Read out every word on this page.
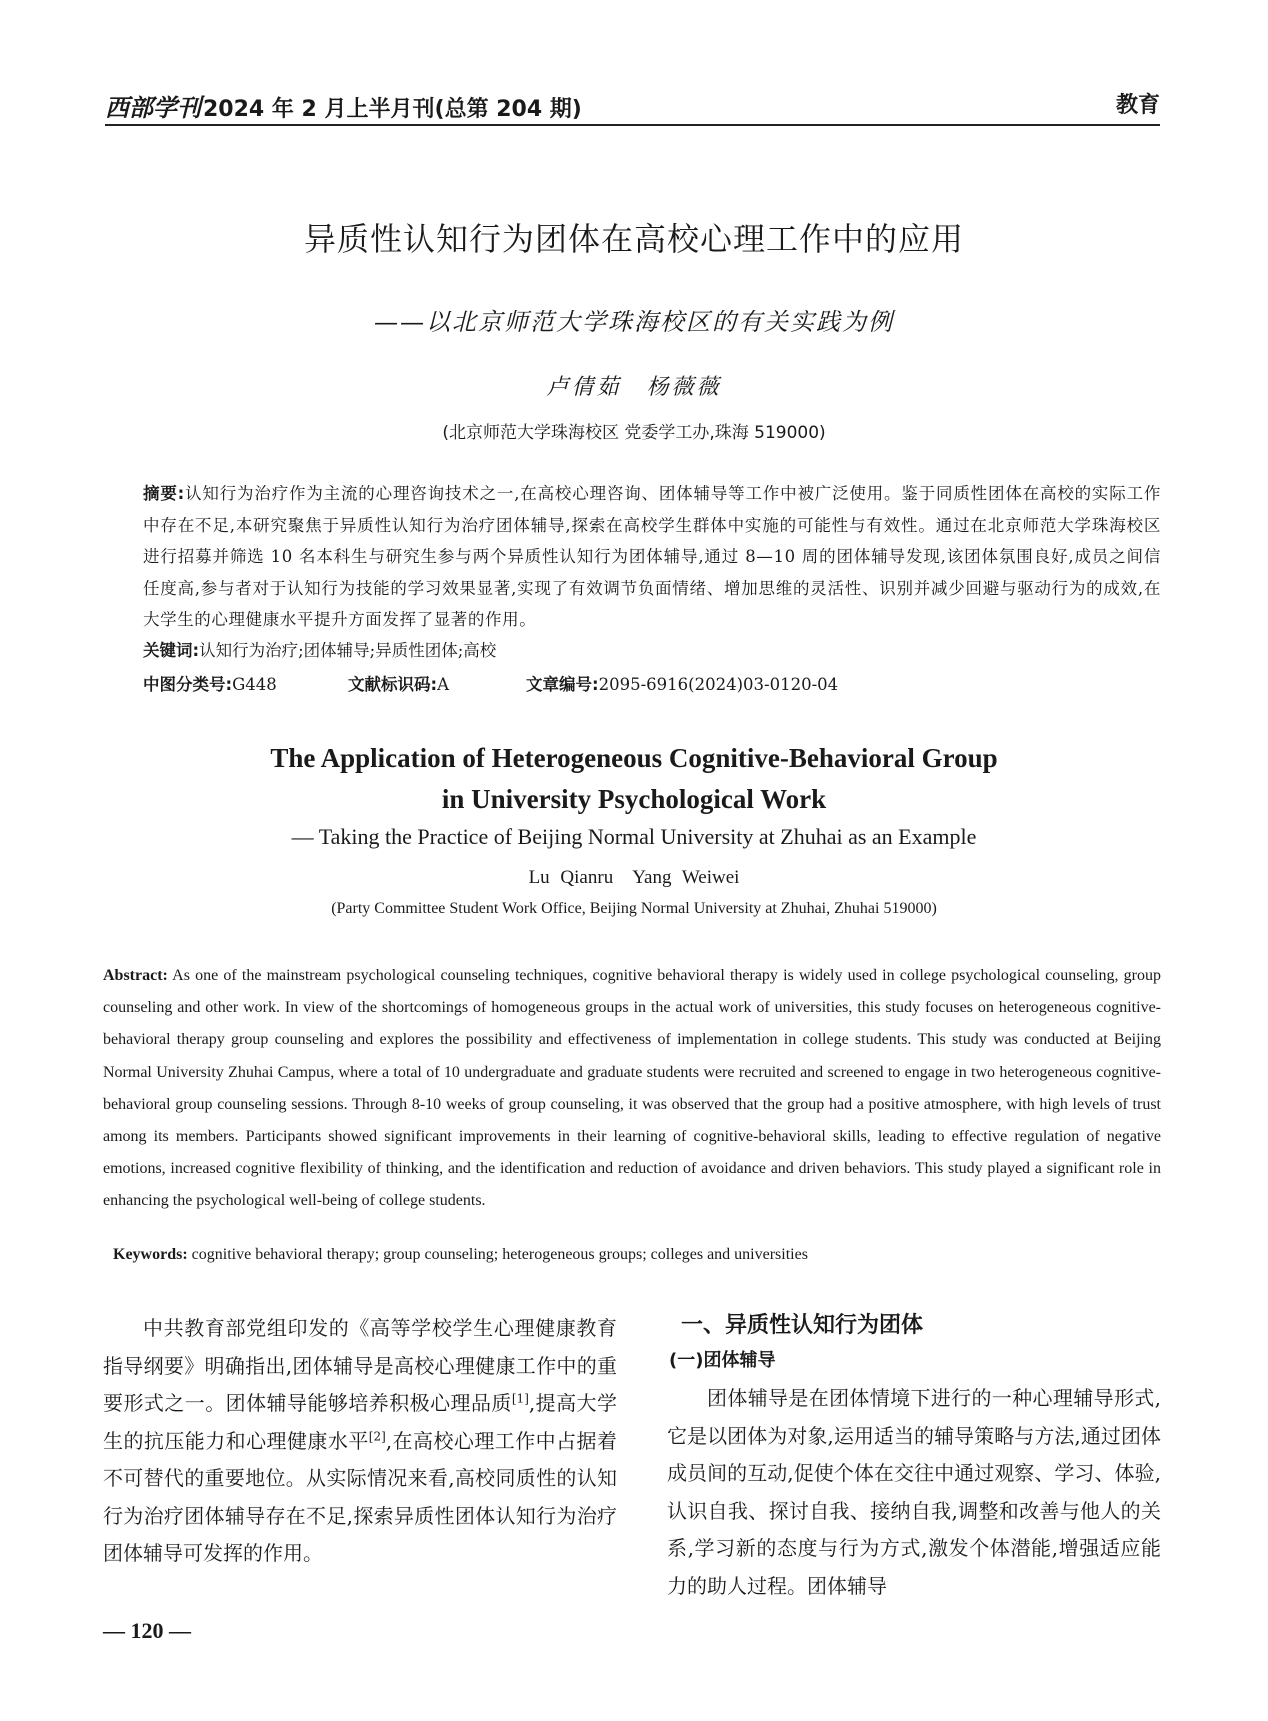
西部学刊2024 年 2 月上半月刊(总第 204 期)	教育
异质性认知行为团体在高校心理工作中的应用
——以北京师范大学珠海校区的有关实践为例
卢倩茹　杨薇薇
(北京师范大学珠海校区 党委学工办,珠海 519000)
摘要:认知行为治疗作为主流的心理咨询技术之一,在高校心理咨询、团体辅导等工作中被广泛使用。鉴于同质性团体在高校的实际工作中存在不足,本研究聚焦于异质性认知行为治疗团体辅导,探索在高校学生群体中实施的可能性与有效性。通过在北京师范大学珠海校区进行招募并筛选 10 名本科生与研究生参与两个异质性认知行为团体辅导,通过 8—10 周的团体辅导发现,该团体氛围良好,成员之间信任度高,参与者对于认知行为技能的学习效果显著,实现了有效调节负面情绪、增加思维的灵活性、识别并减少回避与驱动行为的成效,在大学生的心理健康水平提升方面发挥了显著的作用。
关键词:认知行为治疗;团体辅导;异质性团体;高校
中图分类号:G448	文献标识码:A	文章编号:2095-6916(2024)03-0120-04
The Application of Heterogeneous Cognitive-Behavioral Group
in University Psychological Work
— Taking the Practice of Beijing Normal University at Zhuhai as an Example
Lu Qianru　Yang Weiwei
(Party Committee Student Work Office, Beijing Normal University at Zhuhai, Zhuhai 519000)
Abstract: As one of the mainstream psychological counseling techniques, cognitive behavioral therapy is widely used in college psychological counseling, group counseling and other work. In view of the shortcomings of homogeneous groups in the actual work of universities, this study focuses on heterogeneous cognitive-behavioral therapy group counseling and explores the possibility and effectiveness of implementation in college students. This study was conducted at Beijing Normal University Zhuhai Campus, where a total of 10 undergraduate and graduate students were recruited and screened to engage in two heterogeneous cognitive-behavioral group counseling sessions. Through 8-10 weeks of group counseling, it was observed that the group had a positive atmosphere, with high levels of trust among its members. Participants showed significant improvements in their learning of cognitive-behavioral skills, leading to effective regulation of negative emotions, increased cognitive flexibility of thinking, and the identification and reduction of avoidance and driven behaviors. This study played a significant role in enhancing the psychological well-being of college students.
Keywords: cognitive behavioral therapy; group counseling; heterogeneous groups; colleges and universities

中共教育部党组印发的《高等学校学生心理健康教育指导纲要》明确指出,团体辅导是高校心理健康工作中的重要形式之一。团体辅导能够培养积极心理品质[1],提高大学生的抗压能力和心理健康水平[2],在高校心理工作中占据着不可替代的重要地位。从实际情况来看,高校同质性的认知行为治疗团体辅导存在不足,探索异质性团体认知行为治疗团体辅导可发挥的作用。

一、异质性认知行为团体
(一)团体辅导

团体辅导是在团体情境下进行的一种心理辅导形式,它是以团体为对象,运用适当的辅导策略与方法,通过团体成员间的互动,促使个体在交往中通过观察、学习、体验,认识自我、探讨自我、接纳自我,调整和改善与他人的关系,学习新的态度与行为方式,激发个体潜能,增强适应能力的助人过程。团体辅导

— 120 —
